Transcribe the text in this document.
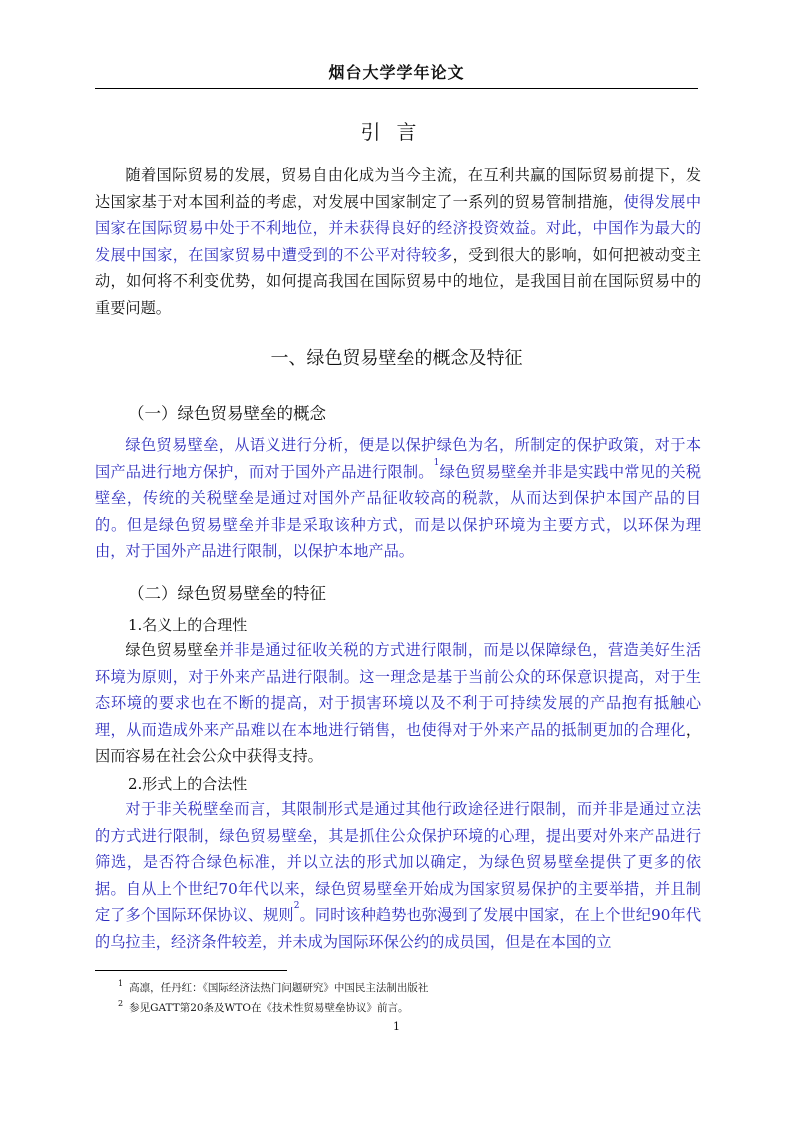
烟台大学学年论文
引言

随着国际贸易的发展，贸易自由化成为当今主流，在互利共赢的国际贸易前提下，发达国家基于对本国利益的考虑，对发展中国家制定了一系列的贸易管制措施，使得发展中国家在国际贸易中处于不利地位，并未获得良好的经济投资效益。对此，中国作为最大的发展中国家，在国家贸易中遭受到的不公平对待较多，受到很大的影响，如何把被动变主动，如何将不利变优势，如何提高我国在国际贸易中的地位，是我国目前在国际贸易中的重要问题。

一、绿色贸易壁垒的概念及特征
（一）绿色贸易壁垒的概念

绿色贸易壁垒，从语义进行分析，便是以保护绿色为名，所制定的保护政策，对于本国产品进行地方保护，而对于国外产品进行限制。$^1$绿色贸易壁垒并非是实践中常见的关税壁垒，传统的关税壁垒是通过对国外产品征收较高的税款，从而达到保护本国产品的目的。但是绿色贸易壁垒并非是采取该种方式，而是以保护环境为主要方式，以环保为理由，对于国外产品进行限制，以保护本地产品。

（二）绿色贸易壁垒的特征
1.名义上的合理性

绿色贸易壁垒并非是通过征收关税的方式进行限制，而是以保障绿色，营造美好生活环境为原则，对于外来产品进行限制。这一理念是基于当前公众的环保意识提高，对于生态环境的要求也在不断的提高，对于损害环境以及不利于可持续发展的产品抱有抵触心理，从而造成外来产品难以在本地进行销售，也使得对于外来产品的抵制更加的合理化，因而容易在社会公众中获得支持。

2.形式上的合法性

对于非关税壁垒而言，其限制形式是通过其他行政途径进行限制，而并非是通过立法的方式进行限制，绿色贸易壁垒，其是抓住公众保护环境的心理，提出要对外来产品进行筛选，是否符合绿色标准，并以立法的形式加以确定，为绿色贸易壁垒提供了更多的依据。自从上个世纪70年代以来，绿色贸易壁垒开始成为国家贸易保护的主要举措，并且制定了多个国际环保协议、规则$^2$。同时该种趋势也弥漫到了发展中国家，在上个世纪90年代的乌拉圭，经济条件较差，并未成为国际环保公约的成员国，但是在本国的立

$^1$ 高凛，任丹红：《国际经济法热门问题研究》中国民主法制出版社
$^2$ 参见GATT第20条及WTO在《技术性贸易壁垒协议》前言。
1
